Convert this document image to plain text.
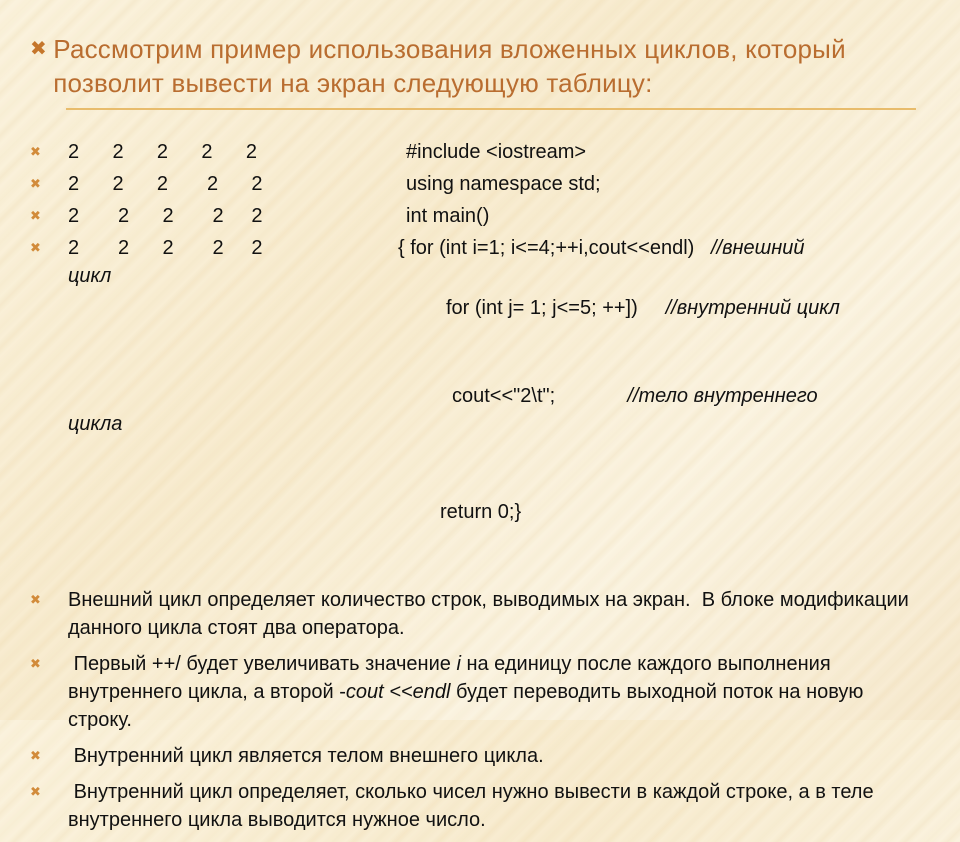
✖ Рассмотрим пример использования вложенных циклов, который позволит вывести на экран следующую таблицу:
✖ 2      2      2      2      2	#include <iostream>
✖ 2      2      2       2      2	using namespace std;
✖ 2       2      2       2     2	int main()
✖ 2       2      2       2     2	{ for (int i=1; i<=4;++i,cout<<endl) //внешний
цикл

for (int j= 1; j<=5; ++]) //внутренний цикл

cout<<"2\t";	//тело внутреннего

цикла

return 0;}

✖	Внешний цикл определяет количество строк, выводимых на экран.  В блоке модификации данного цикла стоят два оператора.
✖	Первый ++/ будет увеличивать значение i на единицу после каждого выполнения внутреннего цикла, а второй -cout <<endl будет переводить выходной поток на новую строку.
✖	Внутренний цикл является телом внешнего цикла.
✖	Внутренний цикл определяет, сколько чисел нужно вывести в каждой строке, а в теле внутреннего цикла выводится нужное число.
